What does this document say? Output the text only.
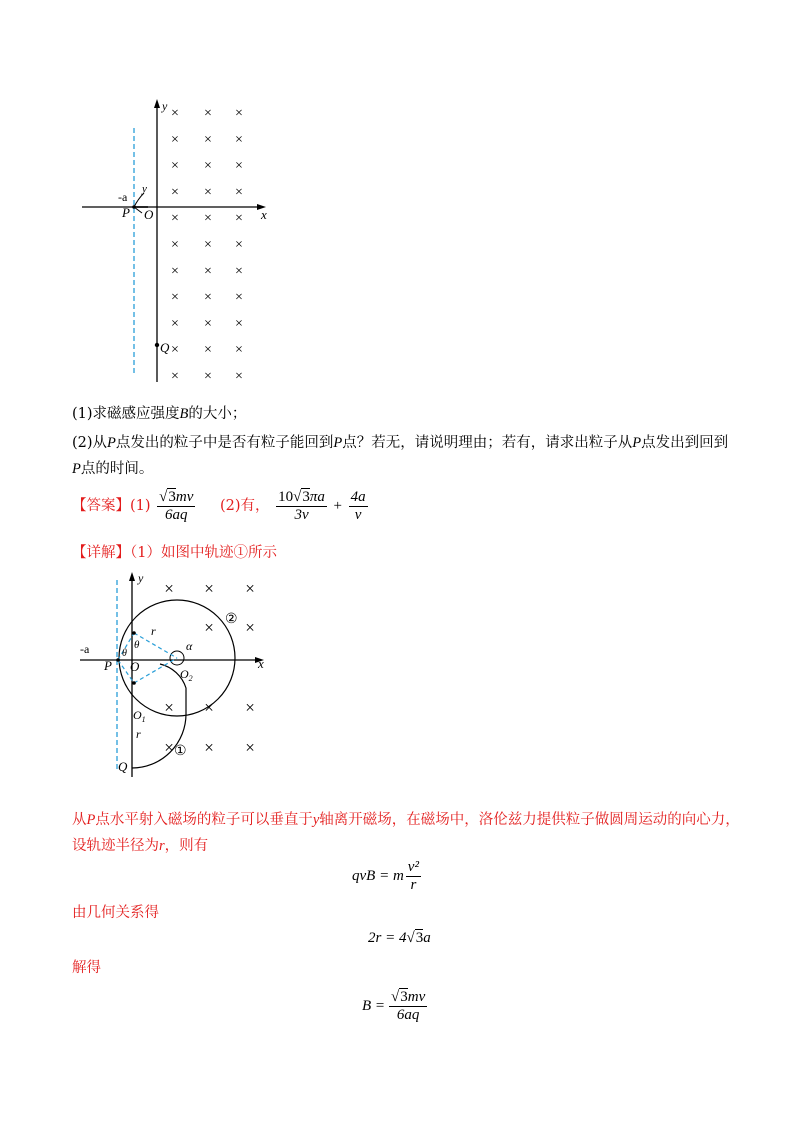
y
x
-a
y
P O
Q
× × ×
× × ×
× × ×
× × ×
× × ×
× × ×
× × ×
× × ×
× × ×
× × ×
× × ×
(1)求磁感应强度B的大小；
(2)从P点发出的粒子中是否有粒子能回到P点？若无，请说明理由；若有，请求出粒子从P点发出到回到
P点的时间。
【答案】$(1) \frac{√3mv}{6aq} (2)$有， $\frac{10√3\pi a}{3v} + \frac{4a}{v}$
【详解】（1）如图中轨迹①所示
y
x
-a
P O
r
θ
θ
α
$O_2$
$O_1$
r
Q
②
①
× × ×
× ×
× ×
× × ×
×
从P点水平射入磁场的粒子可以垂直于y轴离开磁场，在磁场中，洛伦兹力提供粒子做圆周运动的向心力，
设轨迹半径为r，则有
qvB = m $\frac{\text{v²}}{r}$
由几何关系得
2r = 4√3a
解得
$B = \frac{√3mv}{6aq}$
